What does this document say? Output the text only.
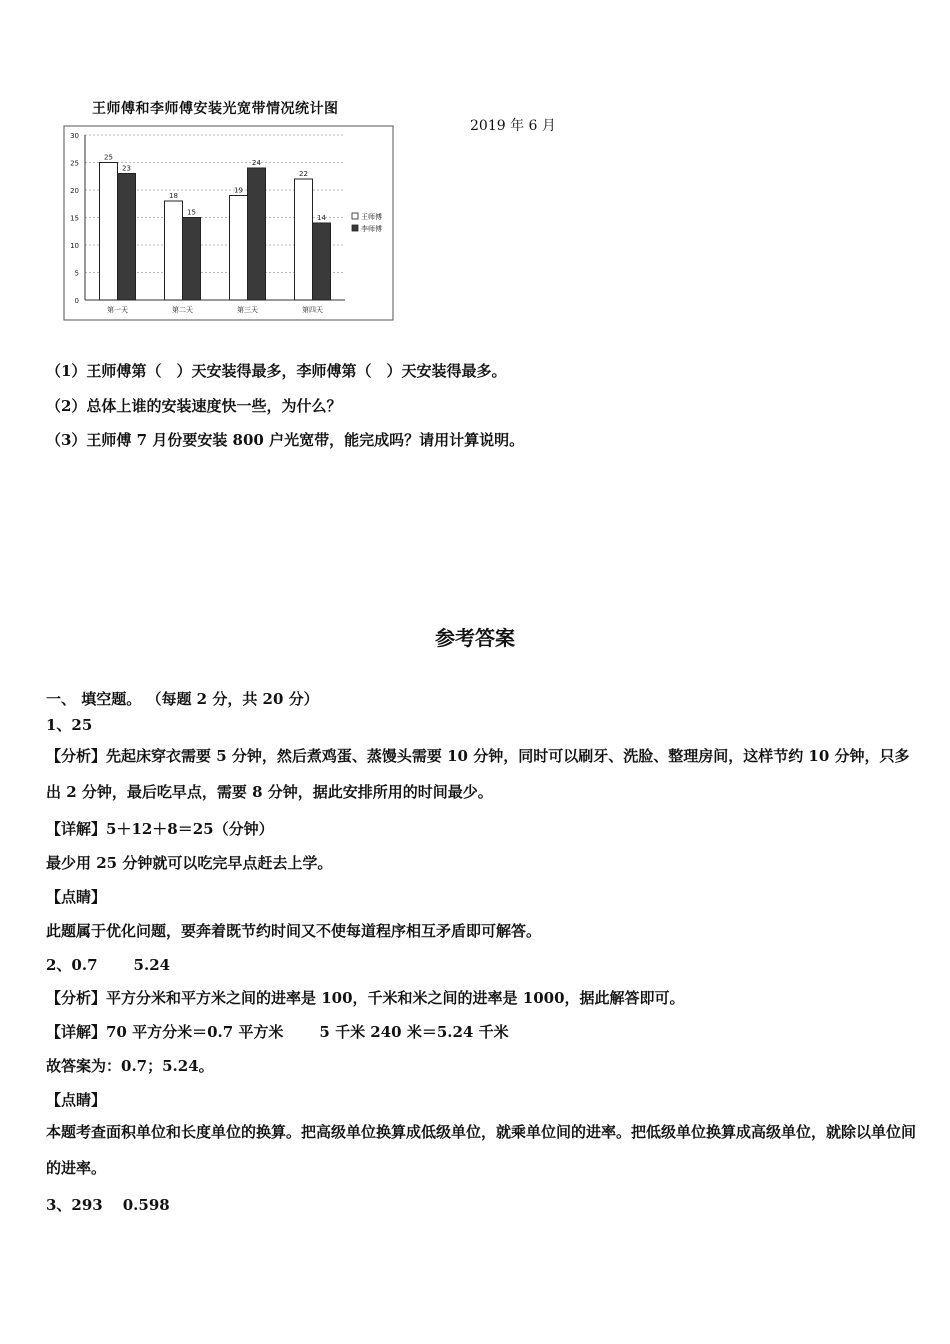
王师傅和李师傅安装光宽带情况统计图
2019 年 6 月
0
5
10
15
20
25
30
25
23
第一天
18
15
第二天
19
24
第三天
22
14
第四天
王师傅
李师傅
（1）王师傅第（　）天安装得最多，李师傅第（　）天安装得最多。
（2）总体上谁的安装速度快一些，为什么？
（3）王师傅 7 月份要安装 800 户光宽带，能完成吗？请用计算说明。
参考答案
一、 填空题。 （每题 2 分，共 20 分）
1、25
【分析】先起床穿衣需要 5 分钟，然后煮鸡蛋、蒸馒头需要 10 分钟，同时可以刷牙、洗脸、整理房间，这样节约 10 分钟，只多出 2 分钟，最后吃早点，需要 8 分钟，据此安排所用的时间最少。
【详解】5＋12＋8＝25（分钟）
最少用 25 分钟就可以吃完早点赶去上学。
【点睛】
此题属于优化问题，要奔着既节约时间又不使每道程序相互矛盾即可解答。
2、0.7 5.24
【分析】平方分米和平方米之间的进率是 100，千米和米之间的进率是 1000，据此解答即可。
【详解】70 平方分米＝0.7 平方米 5 千米 240 米＝5.24 千米
故答案为：0.7；5.24。
【点睛】
本题考查面积单位和长度单位的换算。把高级单位换算成低级单位，就乘单位间的进率。把低级单位换算成高级单位，就除以单位间的进率。
3、293 0.598
